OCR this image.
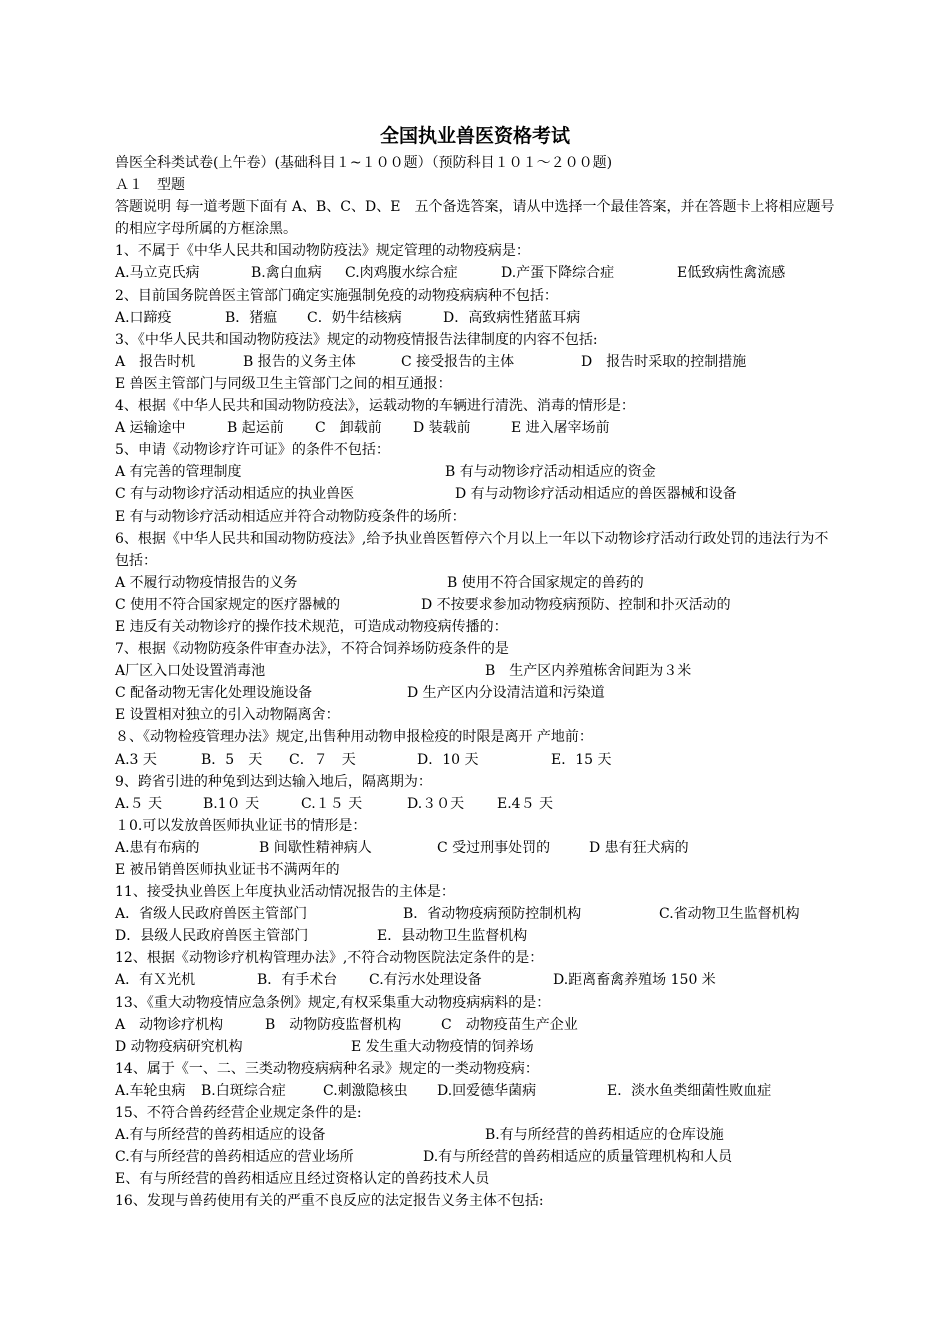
全国执业兽医资格考试
兽医全科类试卷(上午卷）(基础科目１~１００题）（预防科目１０１～２００题)
Ａ１　型题
答题说明 每一道考题下面有 A、B、C、D、E　五个备选答案，请从中选择一个最佳答案，并在答题卡上将相应题号的相应字母所属的方框涂黑。
1、不属于《中华人民共和国动物防疫法》规定管理的动物疫病是：
A.马立克氏病	B.禽白血病 C.肉鸡腹水综合症	D.产蛋下降综合症	E低致病性禽流感
2、目前国务院兽医主管部门确定实施强制免疫的动物疫病病种不包括：
A.口蹄疫	B．猪瘟 C．奶牛结核病	D．高致病性猪蓝耳病
3、《中华人民共和国动物防疫法》规定的动物疫情报告法律制度的内容不包括:
A　报告时机	B 报告的义务主体	C 接受报告的主体	D　报告时采取的控制措施
E 兽医主管部门与同级卫生主管部门之间的相互通报：
4、根据《中华人民共和国动物防疫法》，运载动物的车辆进行清洗、消毒的情形是：
A 运输途中	B 起运前 C　卸载前 D 装载前	E 进入屠宰场前
5、申请《动物诊疗许可证》的条件不包括：
A 有完善的管理制度	B 有与动物诊疗活动相适应的资金
C 有与动物诊疗活动相适应的执业兽医	D 有与动物诊疗活动相适应的兽医器械和设备
E 有与动物诊疗活动相适应并符合动物防疫条件的场所：
6、根据《中华人民共和国动物防疫法》,给予执业兽医暂停六个月以上一年以下动物诊疗活动行政处罚的违法行为不包括：
A 不履行动物疫情报告的义务	B 使用不符合国家规定的兽药的
C 使用不符合国家规定的医疗器械的	D 不按要求参加动物疫病预防、控制和扑灭活动的
E 违反有关动物诊疗的操作技术规范，可造成动物疫病传播的：
7、根据《动物防疫条件审查办法》，不符合饲养场防疫条件的是
A厂区入口处设置消毒池	B　生产区内养殖栋舍间距为３米
C 配备动物无害化处理设施设备	D 生产区内分设清洁道和污染道
E 设置相对独立的引入动物隔离舍：
８、《动物检疫管理办法》规定,出售种用动物申报检疫的时限是离开 产地前：
A.3 天	B．5　天 C．７　天	D．10 天	E．15 天
9、跨省引进的种兔到达到达输入地后，隔离期为：
A.５ 天	B.1０ 天	C.１５ 天	D.３０天 E.4５ 天
１0.可以发放兽医师执业证书的情形是：
A.患有布病的	B 间歇性精神病人	C 受过刑事处罚的	D 患有狂犬病的
E 被吊销兽医师执业证书不满两年的
11、接受执业兽医上年度执业活动情况报告的主体是：
A．省级人民政府兽医主管部门	B．省动物疫病预防控制机构	C.省动物卫生监督机构
D．县级人民政府兽医主管部门	E．县动物卫生监督机构
12、根据《动物诊疗机构管理办法》,不符合动物医院法定条件的是：
A．有Ｘ光机	B．有手术台 C.有污水处理设备	D.距离畜禽养殖场 150 米
13、《重大动物疫情应急条例》规定,有权采集重大动物疫病病料的是：
A　动物诊疗机构	B　动物防疫监督机构	C　动物疫苗生产企业
D 动物疫病研究机构	E 发生重大动物疫情的饲养场
14、属于《一、二、三类动物疫病病种名录》规定的一类动物疫病：
A.车轮虫病 B.白斑综合症	C.刺激隐核虫 D.回爱德华菌病	E．淡水鱼类细菌性败血症
15、不符合兽药经营企业规定条件的是:
A.有与所经营的兽药相适应的设备	B.有与所经营的兽药相适应的仓库设施
C.有与所经营的兽药相适应的营业场所	D.有与所经营的兽药相适应的质量管理机构和人员
E、有与所经营的兽药相适应且经过资格认定的兽药技术人员
16、发现与兽药使用有关的严重不良反应的法定报告义务主体不包括:
